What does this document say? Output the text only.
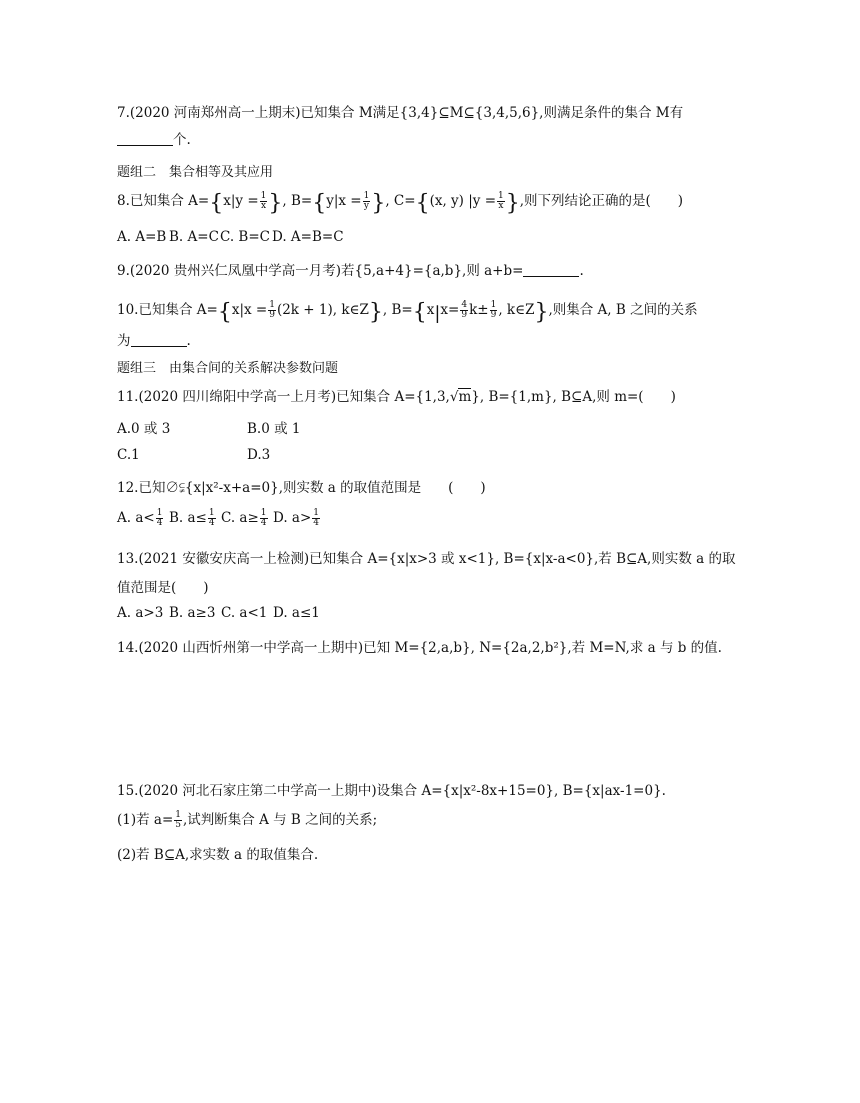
7.(2020 河南郑州高一上期末)已知集合 M满足{3,4}⊆M⊆{3,4,5,6},则满足条件的集合 M有
个.
题组二　集合相等及其应用
8.已知集合 $A=\{x|y = \frac{1}{x}$ }, $B=\{y|x = \frac{1}{y}$ }, C={(x, y) $|y = \frac{1}{x}$ },则下列结论正确的是(　　)
A. A=B B. A=CC. B=C D. A=B=C
9.(2020 贵州兴仁凤凰中学高一月考)若{5,a+4}={a,b},则 a+b=	.
10.已知集合 $A=\{x|x = \frac{1}{9} (2k + 1)$, k∈Z}, $B=\{x|x= \frac{4}{9} k\pm \frac{1}{9}$ , k∈Z},则集合 A, B 之间的关系
为	.
题组三　由集合间的关系解决参数问题
11.(2020 四川绵阳中学高一上月考)已知集合 A={1,3,√m}, B={1,m}, B⊆A,则 m=(　　)
A.0 或 3	B.0 或 1
C.1	D.3
12.已知∅⫋{x|x²-x+a=0},则实数 a 的取值范围是　　(　　)
A. $a< \frac{1}{4} B$. $a\le \frac{1}{4} C$. $a\ge \frac{1}{4} D$. $a> \frac{1}{4}$
13.(2021 安徽安庆高一上检测)已知集合 A={x|x>3 或 x<1}, B={x|x-a<0},若 B⊆A,则实数 a 的取
值范围是(　　)
A. a>3 B. a≥3 C. a<1 D. a≤1
14.(2020 山西忻州第一中学高一上期中)已知 M={2,a,b}, N={2a,2,b²},若 M=N,求 a 与 b 的值.
15.(2020 河北石家庄第二中学高一上期中)设集合 A={x|x²-8x+15=0}, B={x|ax-1=0}.
(1)若 $a= \frac{1}{5}$ ,试判断集合 A 与 B 之间的关系;
(2)若 B⊆A,求实数 a 的取值集合.
